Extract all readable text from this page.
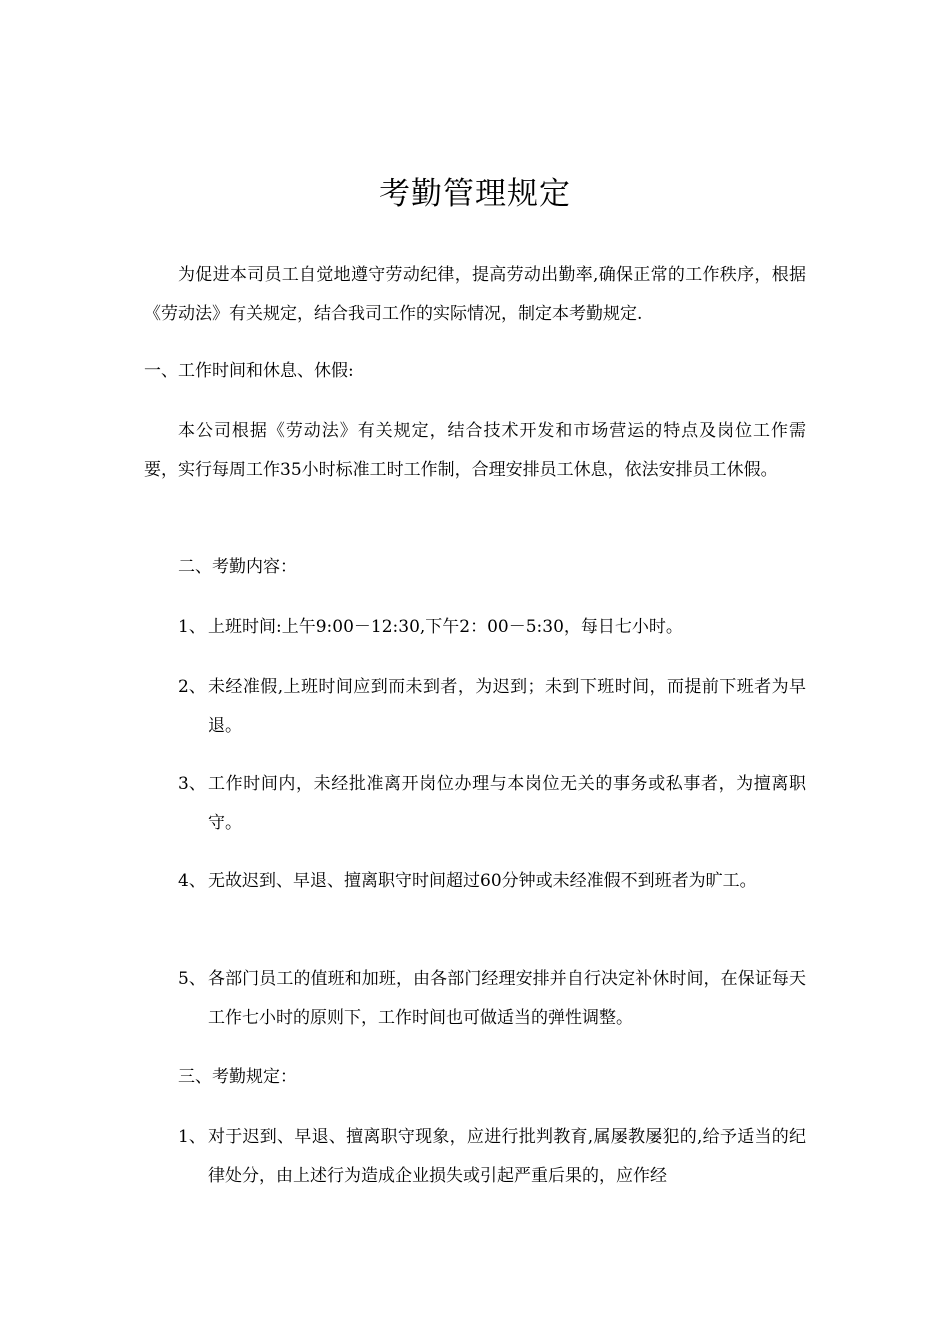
考勤管理规定
为促进本司员工自觉地遵守劳动纪律，提高劳动出勤率,确保正常的工作秩序，根据《劳动法》有关规定，结合我司工作的实际情况，制定本考勤规定.
一、工作时间和休息、休假:
本公司根据《劳动法》有关规定，结合技术开发和市场营运的特点及岗位工作需要，实行每周工作35小时标准工时工作制，合理安排员工休息，依法安排员工休假。
二、考勤内容：
1、 上班时间:上午9:00－12:30,下午2：00－5:30，每日七小时。
2、 未经准假,上班时间应到而未到者，为迟到；未到下班时间，而提前下班者为早退。
3、 工作时间内，未经批准离开岗位办理与本岗位无关的事务或私事者，为擅离职守。
4、 无故迟到、早退、擅离职守时间超过60分钟或未经准假不到班者为旷工。
5、 各部门员工的值班和加班，由各部门经理安排并自行决定补休时间，在保证每天工作七小时的原则下，工作时间也可做适当的弹性调整。
三、考勤规定：
1、 对于迟到、早退、擅离职守现象，应进行批判教育,属屡教屡犯的,给予适当的纪律处分，由上述行为造成企业损失或引起严重后果的，应作经
